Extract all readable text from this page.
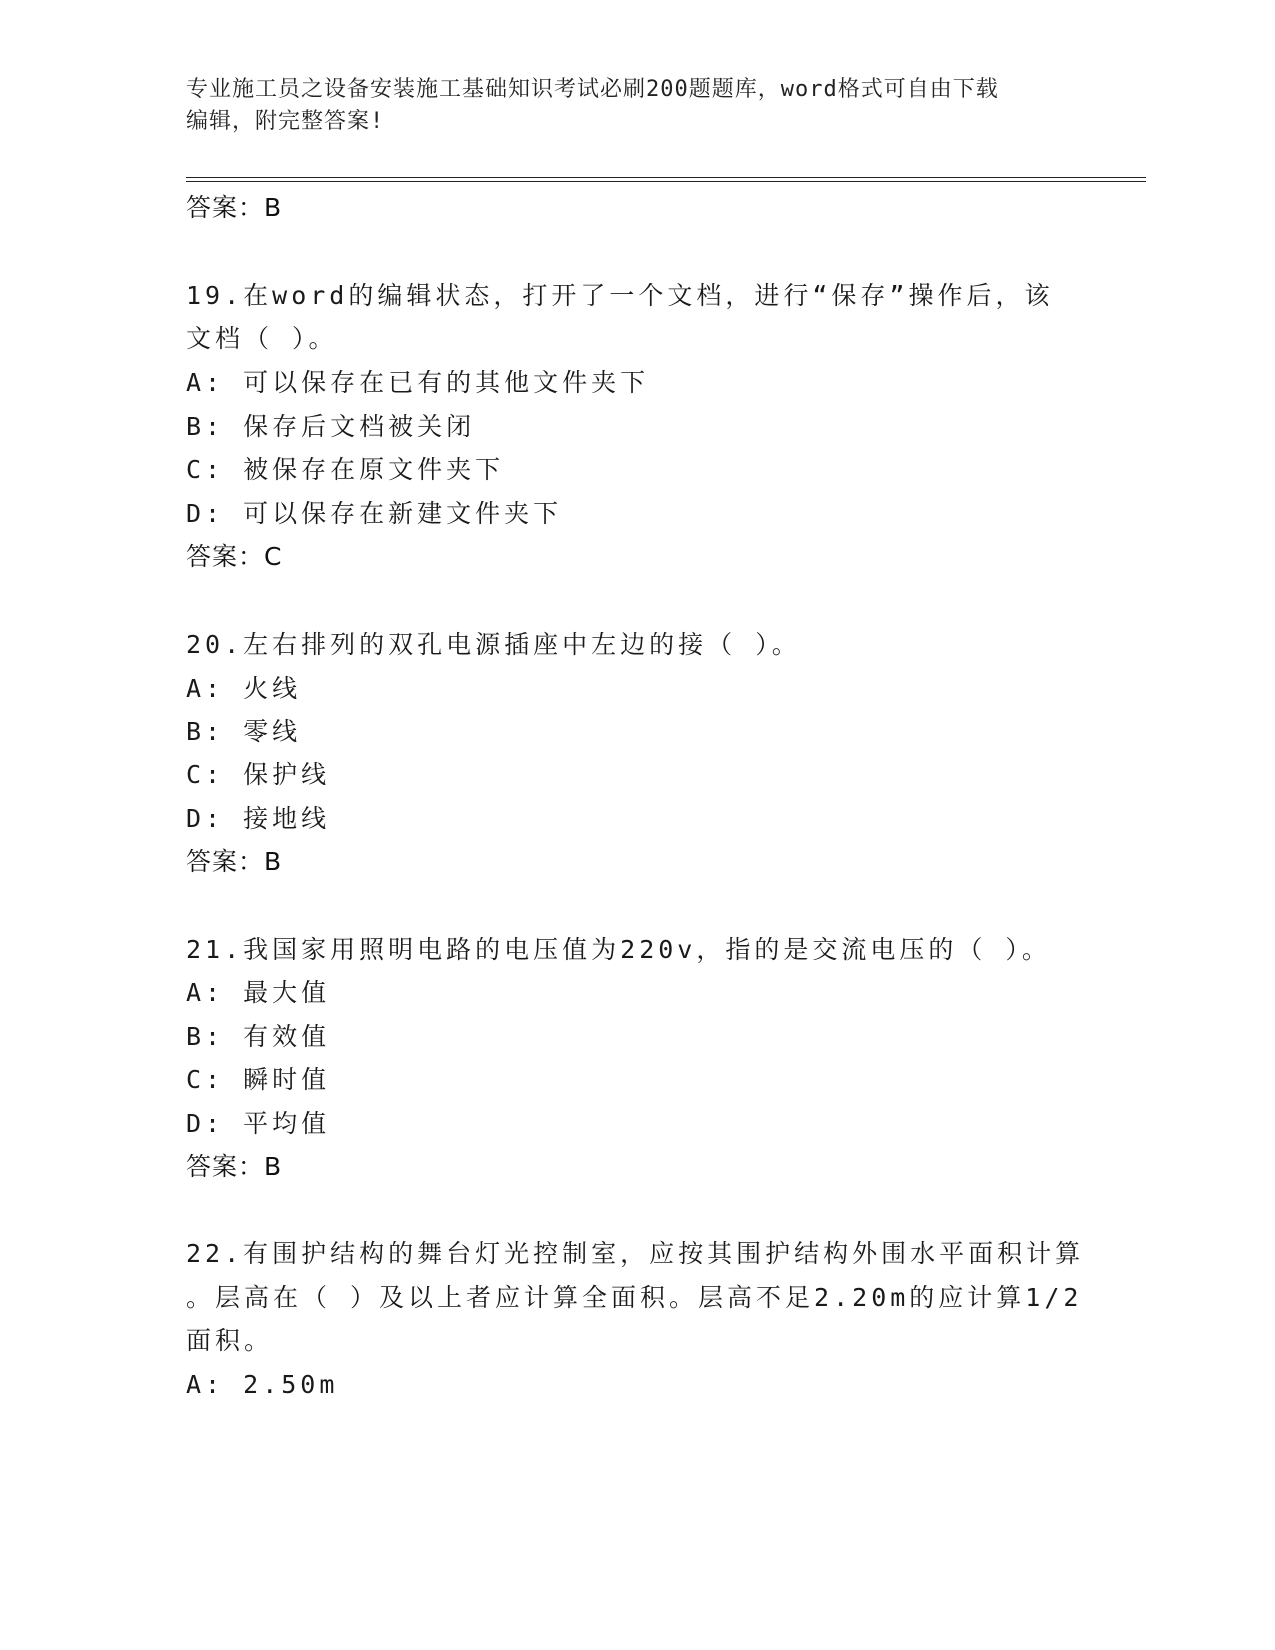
专业施工员之设备安装施工基础知识考试必刷200题题库，word格式可自由下载
编辑，附完整答案!
答案：B
19.在word的编辑状态，打开了一个文档，进行“保存”操作后，该
文档（ ）。
A: 可以保存在已有的其他文件夹下
B: 保存后文档被关闭
C: 被保存在原文件夹下
D: 可以保存在新建文件夹下
答案：C
20.左右排列的双孔电源插座中左边的接（ ）。
A: 火线
B: 零线
C: 保护线
D: 接地线
答案：B
21.我国家用照明电路的电压值为220v，指的是交流电压的（ ）。
A: 最大值
B: 有效值
C: 瞬时值
D: 平均值
答案：B
22.有围护结构的舞台灯光控制室，应按其围护结构外围水平面积计算
。层高在（ ）及以上者应计算全面积。层高不足2.20m的应计算1/2
面积。
A: 2.50m
